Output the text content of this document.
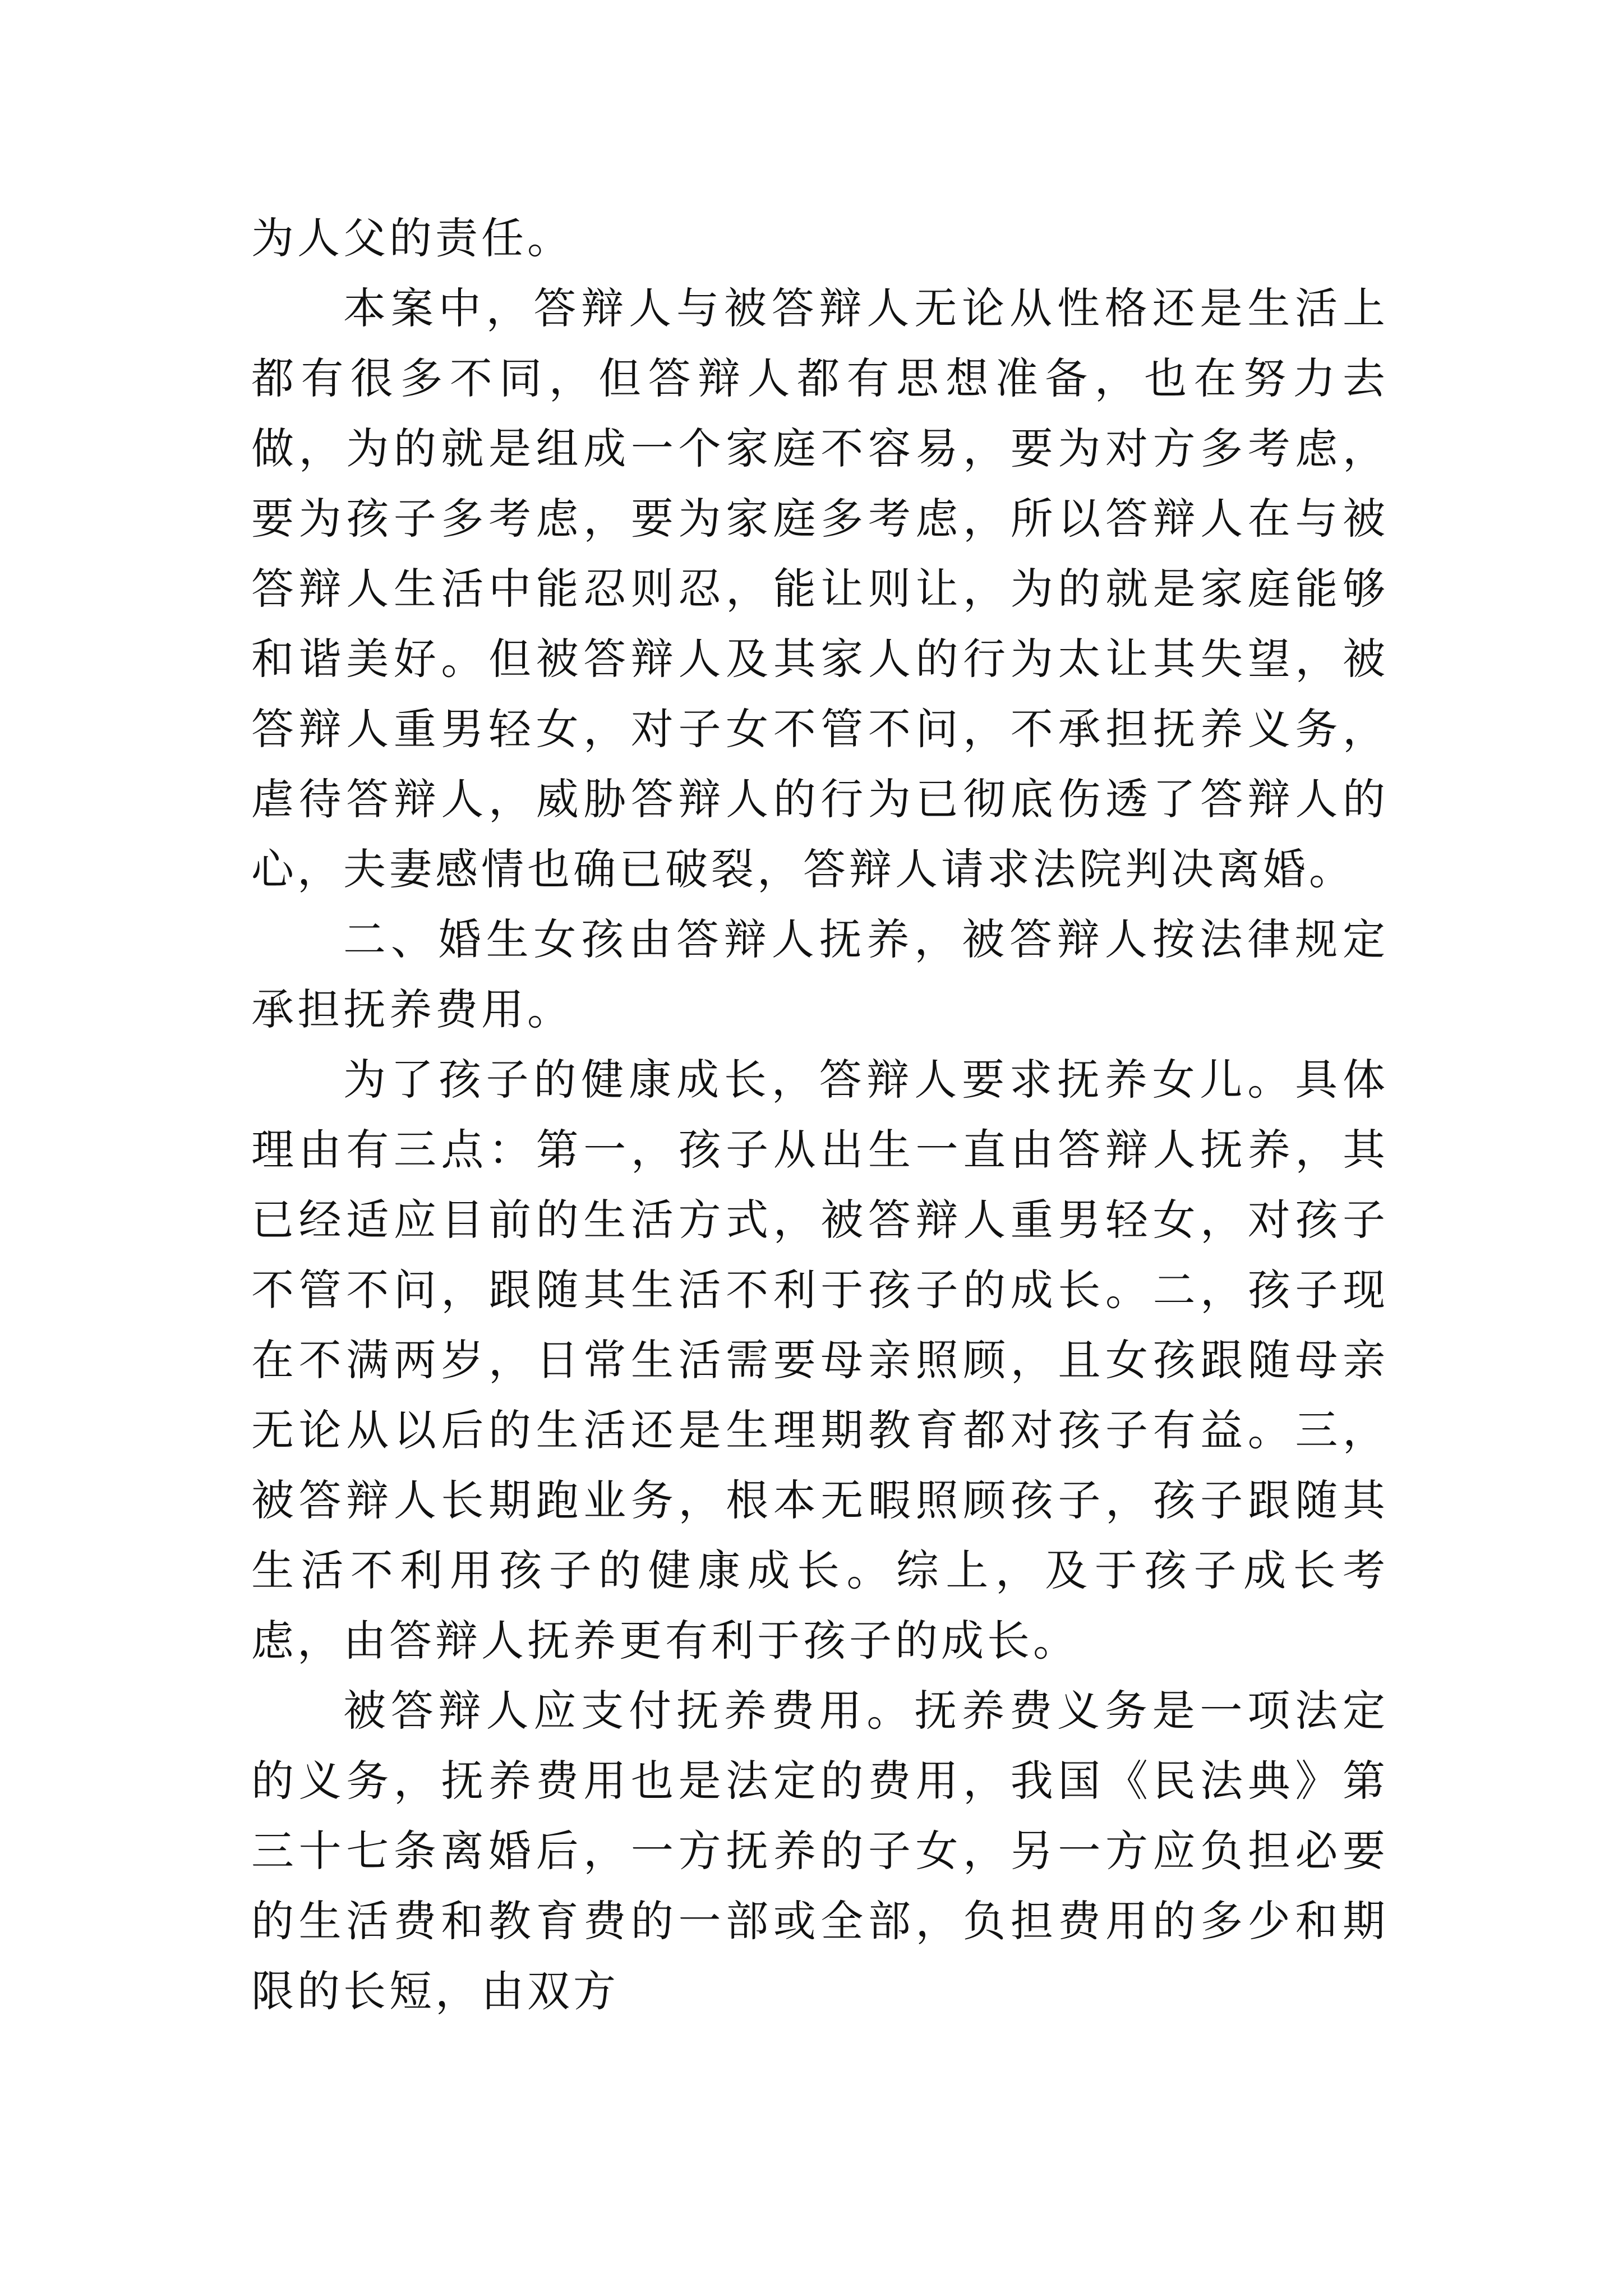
为人父的责任。

本案中，答辩人与被答辩人无论从性格还是生活上都有很多不同，但答辩人都有思想准备，也在努力去做，为的就是组成一个家庭不容易，要为对方多考虑，要为孩子多考虑，要为家庭多考虑，所以答辩人在与被答辩人生活中能忍则忍，能让则让，为的就是家庭能够和谐美好。但被答辩人及其家人的行为太让其失望，被答辩人重男轻女，对子女不管不问，不承担抚养义务，虐待答辩人，威胁答辩人的行为已彻底伤透了答辩人的心，夫妻感情也确已破裂，答辩人请求法院判决离婚。

二、婚生女孩由答辩人抚养，被答辩人按法律规定承担抚养费用。

为了孩子的健康成长，答辩人要求抚养女儿。具体理由有三点：第一，孩子从出生一直由答辩人抚养，其已经适应目前的生活方式，被答辩人重男轻女，对孩子不管不问，跟随其生活不利于孩子的成长。二，孩子现在不满两岁，日常生活需要母亲照顾，且女孩跟随母亲无论从以后的生活还是生理期教育都对孩子有益。三，被答辩人长期跑业务，根本无暇照顾孩子，孩子跟随其生活不利用孩子的健康成长。综上，及于孩子成长考虑，由答辩人抚养更有利于孩子的成长。

被答辩人应支付抚养费用。抚养费义务是一项法定的义务，抚养费用也是法定的费用，我国《民法典》第三十七条离婚后，一方抚养的子女，另一方应负担必要的生活费和教育费的一部或全部，负担费用的多少和期限的长短，由双方
